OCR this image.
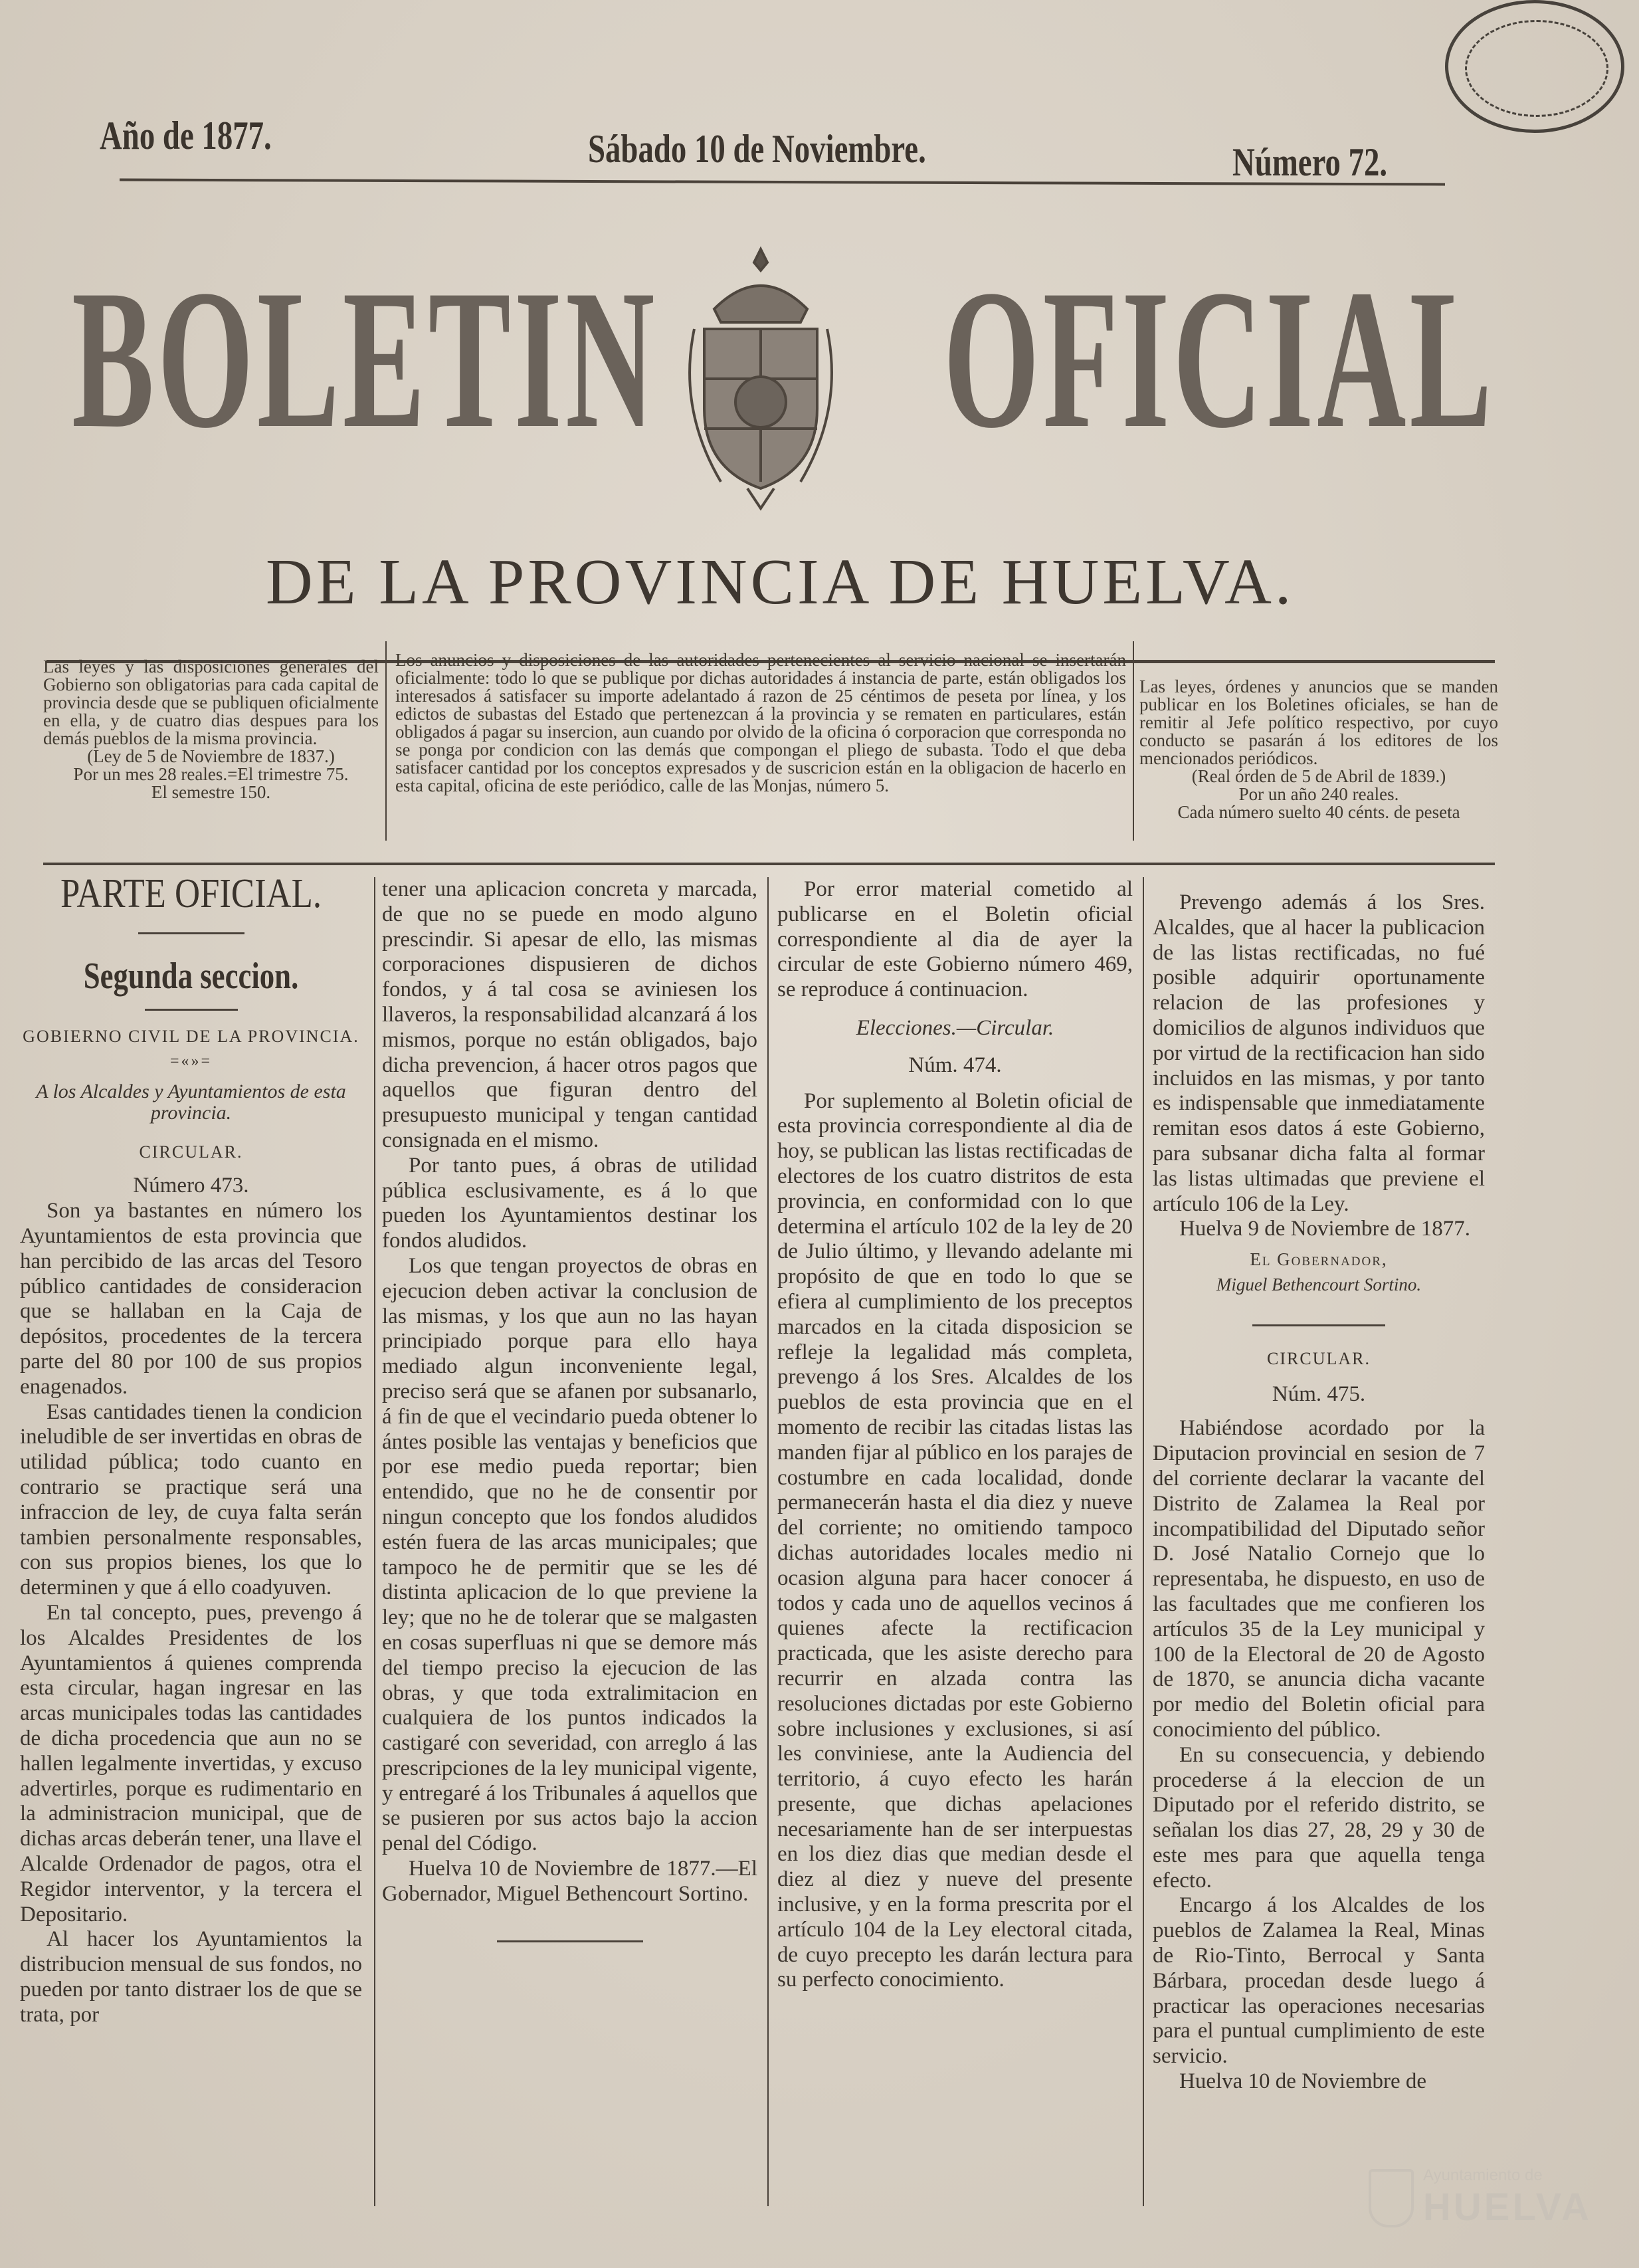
Año de 1877.	Sábado 10 de Noviembre.	Número 72.
BOLETIN OFICIAL
DE LA PROVINCIA DE HUELVA.
Las leyes y las disposiciones generales del Gobierno son obligatorias para cada capital de provincia desde que se publiquen oficialmente en ella, y de cuatro dias despues para los demás pueblos de la misma provincia.
(Ley de 5 de Noviembre de 1837.)
Por un mes 28 reales.=El trimestre 75.
El semestre 150.
Los anuncios y disposiciones de las autoridades pertenecientes al servicio nacional se insertarán oficialmente: todo lo que se publique por dichas autoridades á instancia de parte, están obligados los interesados á satisfacer su importe adelantado á razon de 25 céntimos de peseta por línea, y los edictos de subastas del Estado que pertenezcan á la provincia y se rematen en particulares, están obligados á pagar su insercion, aun cuando por olvido de la oficina ó corporacion que corresponda no se ponga por condicion con las demás que compongan el pliego de subasta. Todo el que deba satisfacer cantidad por los conceptos expresados y de suscricion están en la obligacion de hacerlo en esta capital, oficina de este periódico, calle de las Monjas, número 5.
Las leyes, órdenes y anuncios que se manden publicar en los Boletines oficiales, se han de remitir al Jefe político respectivo, por cuyo conducto se pasarán á los editores de los mencionados periódicos.
(Real órden de 5 de Abril de 1839.)
Por un año 240 reales.
Cada número suelto 40 cénts. de peseta
PARTE OFICIAL.
Segunda seccion.
GOBIERNO CIVIL DE LA PROVINCIA.
=«»=
A los Alcaldes y Ayuntamientos de esta provincia.
CIRCULAR.
Número 473.

Son ya bastantes en número los Ayuntamientos de esta provincia que han percibido de las arcas del Tesoro público cantidades de consideracion que se hallaban en la Caja de depósitos, procedentes de la tercera parte del 80 por 100 de sus propios enagenados.

Esas cantidades tienen la condicion ineludible de ser invertidas en obras de utilidad pública; todo cuanto en contrario se practique será una infraccion de ley, de cuya falta serán tambien personalmente responsables, con sus propios bienes, los que lo determinen y que á ello coadyuven.

En tal concepto, pues, prevengo á los Alcaldes Presidentes de los Ayuntamientos á quienes comprenda esta circular, hagan ingresar en las arcas municipales todas las cantidades de dicha procedencia que aun no se hallen legalmente invertidas, y excuso advertirles, porque es rudimentario en la administracion municipal, que de dichas arcas deberán tener, una llave el Alcalde Ordenador de pagos, otra el Regidor interventor, y la tercera el Depositario.

Al hacer los Ayuntamientos la distribucion mensual de sus fondos, no pueden por tanto distraer los de que se trata, por

tener una aplicacion concreta y marcada, de que no se puede en modo alguno prescindir. Si apesar de ello, las mismas corporaciones dispusieren de dichos fondos, y á tal cosa se aviniesen los llaveros, la responsabilidad alcanzará á los mismos, porque no están obligados, bajo dicha prevencion, á hacer otros pagos que aquellos que figuran dentro del presupuesto municipal y tengan cantidad consignada en el mismo.

Por tanto pues, á obras de utilidad pública esclusivamente, es á lo que pueden los Ayuntamientos destinar los fondos aludidos.

Los que tengan proyectos de obras en ejecucion deben activar la conclusion de las mismas, y los que aun no las hayan principiado porque para ello haya mediado algun inconveniente legal, preciso será que se afanen por subsanarlo, á fin de que el vecindario pueda obtener lo ántes posible las ventajas y beneficios que por ese medio pueda reportar; bien entendido, que no he de consentir por ningun concepto que los fondos aludidos estén fuera de las arcas municipales; que tampoco he de permitir que se les dé distinta aplicacion de lo que previene la ley; que no he de tolerar que se malgasten en cosas superfluas ni que se demore más del tiempo preciso la ejecucion de las obras, y que toda extralimitacion en cualquiera de los puntos indicados la castigaré con severidad, con arreglo á las prescripciones de la ley municipal vigente, y entregaré á los Tribunales á aquellos que se pusieren por sus actos bajo la accion penal del Código.

Huelva 10 de Noviembre de 1877.—El Gobernador, Miguel Bethencourt Sortino.

Por error material cometido al publicarse en el Boletin oficial correspondiente al dia de ayer la circular de este Gobierno número 469, se reproduce á continuacion.

Elecciones.—Circular.
Núm. 474.

Por suplemento al Boletin oficial de esta provincia correspondiente al dia de hoy, se publican las listas rectificadas de electores de los cuatro distritos de esta provincia, en conformidad con lo que determina el artículo 102 de la ley de 20 de Julio último, y llevando adelante mi propósito de que en todo lo que se efiera al cumplimiento de los preceptos marcados en la citada disposicion se refleje la legalidad más completa, prevengo á los Sres. Alcaldes de los pueblos de esta provincia que en el momento de recibir las citadas listas las manden fijar al público en los parajes de costumbre en cada localidad, donde permanecerán hasta el dia diez y nueve del corriente; no omitiendo tampoco dichas autoridades locales medio ni ocasion alguna para hacer conocer á todos y cada uno de aquellos vecinos á quienes afecte la rectificacion practicada, que les asiste derecho para recurrir en alzada contra las resoluciones dictadas por este Gobierno sobre inclusiones y exclusiones, si así les conviniese, ante la Audiencia del territorio, á cuyo efecto les harán presente, que dichas apelaciones necesariamente han de ser interpuestas en los diez dias que median desde el diez al diez y nueve del presente inclusive, y en la forma prescrita por el artículo 104 de la Ley electoral citada, de cuyo precepto les darán lectura para su perfecto conocimiento.

Prevengo además á los Sres. Alcaldes, que al hacer la publicacion de las listas rectificadas, no fué posible adquirir oportunamente relacion de las profesiones y domicilios de algunos individuos que por virtud de la rectificacion han sido incluidos en las mismas, y por tanto es indispensable que inmediatamente remitan esos datos á este Gobierno, para subsanar dicha falta al formar las listas ultimadas que previene el artículo 106 de la Ley.

Huelva 9 de Noviembre de 1877.

El Gobernador,
Miguel Bethencourt Sortino.
CIRCULAR.
Núm. 475.

Habiéndose acordado por la Diputacion provincial en sesion de 7 del corriente declarar la vacante del Distrito de Zalamea la Real por incompatibilidad del Diputado señor D. José Natalio Cornejo que lo representaba, he dispuesto, en uso de las facultades que me confieren los artículos 35 de la Ley municipal y 100 de la Electoral de 20 de Agosto de 1870, se anuncia dicha vacante por medio del Boletin oficial para conocimiento del público.

En su consecuencia, y debiendo procederse á la eleccion de un Diputado por el referido distrito, se señalan los dias 27, 28, 29 y 30 de este mes para que aquella tenga efecto.

Encargo á los Alcaldes de los pueblos de Zalamea la Real, Minas de Rio-Tinto, Berrocal y Santa Bárbara, procedan desde luego á practicar las operaciones necesarias para el puntual cumplimiento de este servicio.

Huelva 10 de Noviembre de

Ayuntamiento de
HUELVA
